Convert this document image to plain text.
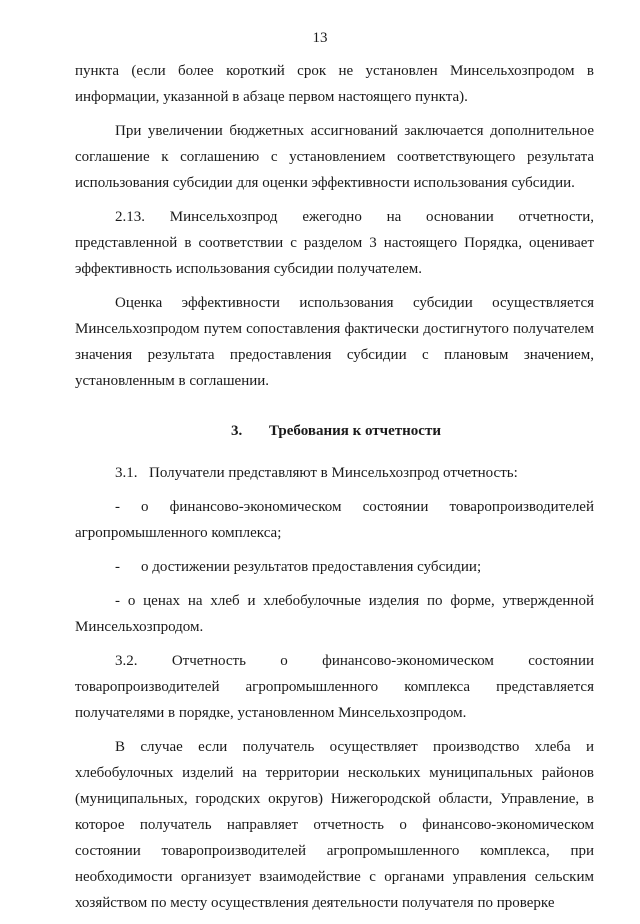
13

пункта (если более короткий срок не установлен Минсельхозпродом в информации, указанной в абзаце первом настоящего пункта).

При увеличении бюджетных ассигнований заключается дополнительное соглашение к соглашению с установлением соответствующего результата использования субсидии для оценки эффективности использования субсидии.

2.13. Минсельхозпрод ежегодно на основании отчетности, представленной в соответствии с разделом 3 настоящего Порядка, оценивает эффективность использования субсидии получателем.

Оценка эффективности использования субсидии осуществляется Минсельхозпродом путем сопоставления фактически достигнутого получателем значения результата предоставления субсидии с плановым значением, установленным в соглашении.

3. Требования к отчетности

3.1. Получатели представляют в Минсельхозпрод отчетность:

- о финансово-экономическом состоянии товаропроизводителей агропромышленного комплекса;

- о достижении результатов предоставления субсидии;

- о ценах на хлеб и хлебобулочные изделия по форме, утвержденной Минсельхозпродом.

3.2. Отчетность о финансово-экономическом состоянии товаропроизводителей агропромышленного комплекса представляется получателями в порядке, установленном Минсельхозпродом.

В случае если получатель осуществляет производство хлеба и хлебобулочных изделий на территории нескольких муниципальных районов (муниципальных, городских округов) Нижегородской области, Управление, в которое получатель направляет отчетность о финансово-экономическом состоянии товаропроизводителей агропромышленного комплекса, при необходимости организует взаимодействие с органами управления сельским хозяйством по месту осуществления деятельности получателя по проверке
